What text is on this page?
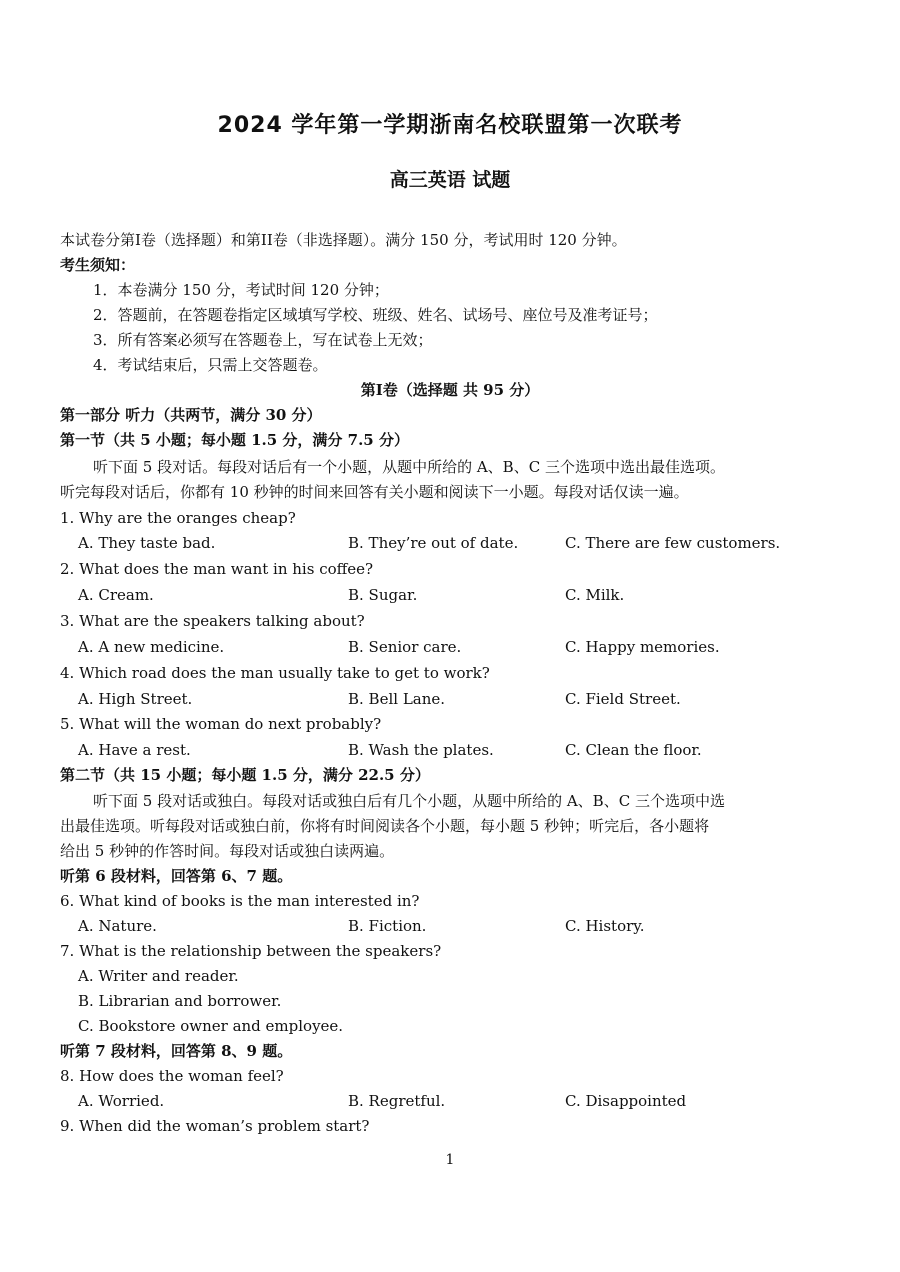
2024 学年第一学期浙南名校联盟第一次联考
高三英语 试题
本试卷分第I卷（选择题）和第II卷（非选择题）。满分 150 分，考试用时 120 分钟。
考生须知：
1．本卷满分 150 分，考试时间 120 分钟；
2．答题前，在答题卷指定区域填写学校、班级、姓名、试场号、座位号及准考证号；
3．所有答案必须写在答题卷上，写在试卷上无效；
4．考试结束后，只需上交答题卷。
第I卷（选择题 共 95 分）
第一部分 听力（共两节，满分 30 分）
第一节（共 5 小题；每小题 1.5 分，满分 7.5 分）
听下面 5 段对话。每段对话后有一个小题，从题中所给的 A、B、C 三个选项中选出最佳选项。
听完每段对话后，你都有 10 秒钟的时间来回答有关小题和阅读下一小题。每段对话仅读一遍。
1. Why are the oranges cheap?
A. They taste bad.	B. They’re out of date.	C. There are few customers.
2. What does the man want in his coffee?
A. Cream.	B. Sugar.	C. Milk.
3. What are the speakers talking about?
A. A new medicine.	B. Senior care.	C. Happy memories.
4. Which road does the man usually take to get to work?
A. High Street.	B. Bell Lane.	C. Field Street.
5. What will the woman do next probably?
A. Have a rest.	B. Wash the plates.	C. Clean the floor.
第二节（共 15 小题；每小题 1.5 分，满分 22.5 分）
听下面 5 段对话或独白。每段对话或独白后有几个小题，从题中所给的 A、B、C 三个选项中选
出最佳选项。听每段对话或独白前，你将有时间阅读各个小题，每小题 5 秒钟；听完后，各小题将
给出 5 秒钟的作答时间。每段对话或独白读两遍。
听第 6 段材料，回答第 6、7 题。
6. What kind of books is the man interested in?
A. Nature.	B. Fiction.	C. History.
7. What is the relationship between the speakers?
A. Writer and reader.
B. Librarian and borrower.
C. Bookstore owner and employee.
听第 7 段材料，回答第 8、9 题。
8. How does the woman feel?
A. Worried.	B. Regretful.	C. Disappointed
9. When did the woman’s problem start?
1
